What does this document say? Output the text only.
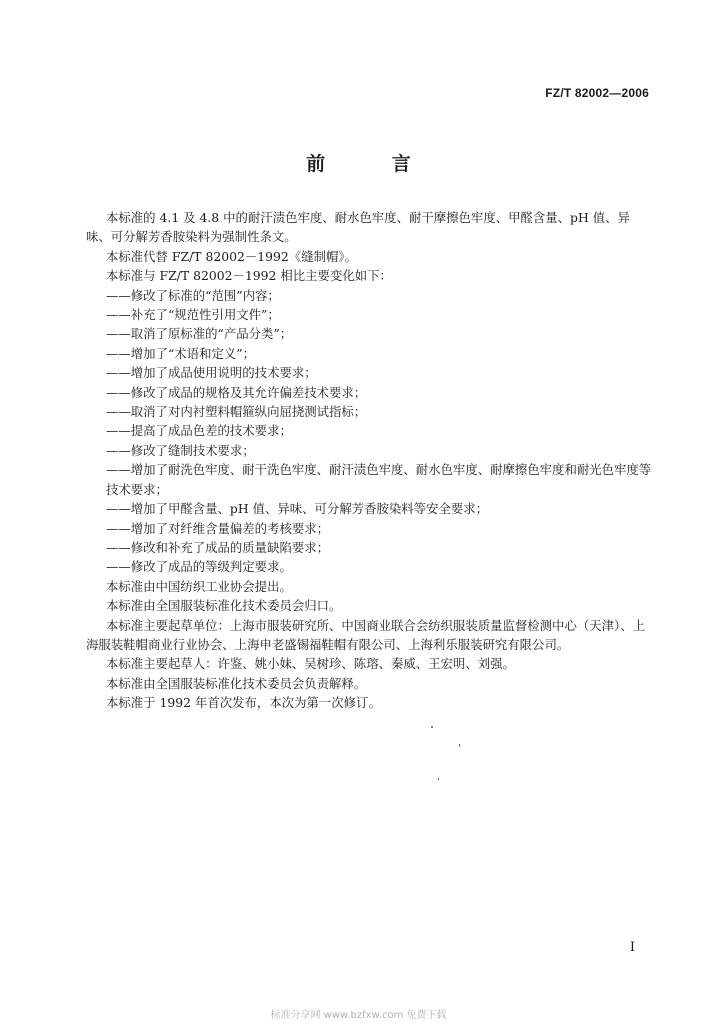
FZ/T 82002—2006
前 言

本标准的 4.1 及 4.8 中的耐汗渍色牢度、耐水色牢度、耐干摩擦色牢度、甲醛含量、pH 值、异味、可分解芳香胺染料为强制性条文。

本标准代替 FZ/T 82002－1992《缝制帽》。

本标准与 FZ/T 82002－1992 相比主要变化如下：

——修改了标准的“范围”内容；

——补充了“规范性引用文件”；

——取消了原标准的“产品分类”；

——增加了“术语和定义”；

——增加了成品使用说明的技术要求；

——修改了成品的规格及其允许偏差技术要求；

——取消了对内衬塑料帽箍纵向屈挠测试指标；

——提高了成品色差的技术要求；

——修改了缝制技术要求；

——增加了耐洗色牢度、耐干洗色牢度、耐汗渍色牢度、耐水色牢度、耐摩擦色牢度和耐光色牢度等技术要求；

——增加了甲醛含量、pH 值、异味、可分解芳香胺染料等安全要求；

——增加了对纤维含量偏差的考核要求；

——修改和补充了成品的质量缺陷要求；

——修改了成品的等级判定要求。

本标准由中国纺织工业协会提出。

本标准由全国服装标准化技术委员会归口。

本标准主要起草单位：上海市服装研究所、中国商业联合会纺织服装质量监督检测中心（天津）、上海服装鞋帽商业行业协会、上海申老盛锡福鞋帽有限公司、上海利乐服装研究有限公司。

本标准主要起草人：许鉴、姚小妹、吴树珍、陈瑢、秦威、王宏明、刘强。

本标准由全国服装标准化技术委员会负责解释。

本标准于 1992 年首次发布，本次为第一次修订。

I
标准分享网 www.bzfxw.com 免费下载
